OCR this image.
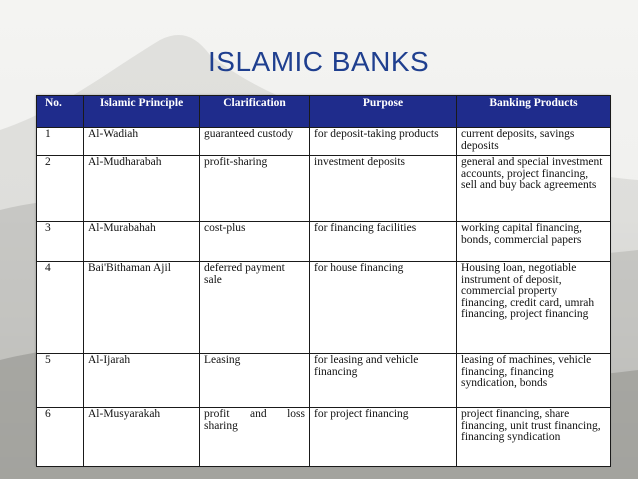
ISLAMIC BANKS
No.	Islamic Principle	Clarification	Purpose	Banking Products
1	Al-Wadiah	guaranteed custody	for deposit-taking products	current deposits, savings deposits
2	Al-Mudharabah	profit-sharing	investment deposits	general and special investment accounts, project financing, sell and buy back agreements
3	Al-Murabahah	cost-plus	for financing facilities	working capital financing, bonds, commercial papers
4	Bai'Bithaman Ajil	deferred payment sale	for house financing	Housing loan, negotiable instrument of deposit, commercial property financing, credit card, umrah financing, project financing
5	Al-Ijarah	Leasing	for leasing and vehicle financing	leasing of machines, vehicle financing, financing syndication, bonds
6	Al-Musyarakah	profit and loss sharing	for project financing	project financing, share financing, unit trust financing, financing syndication
